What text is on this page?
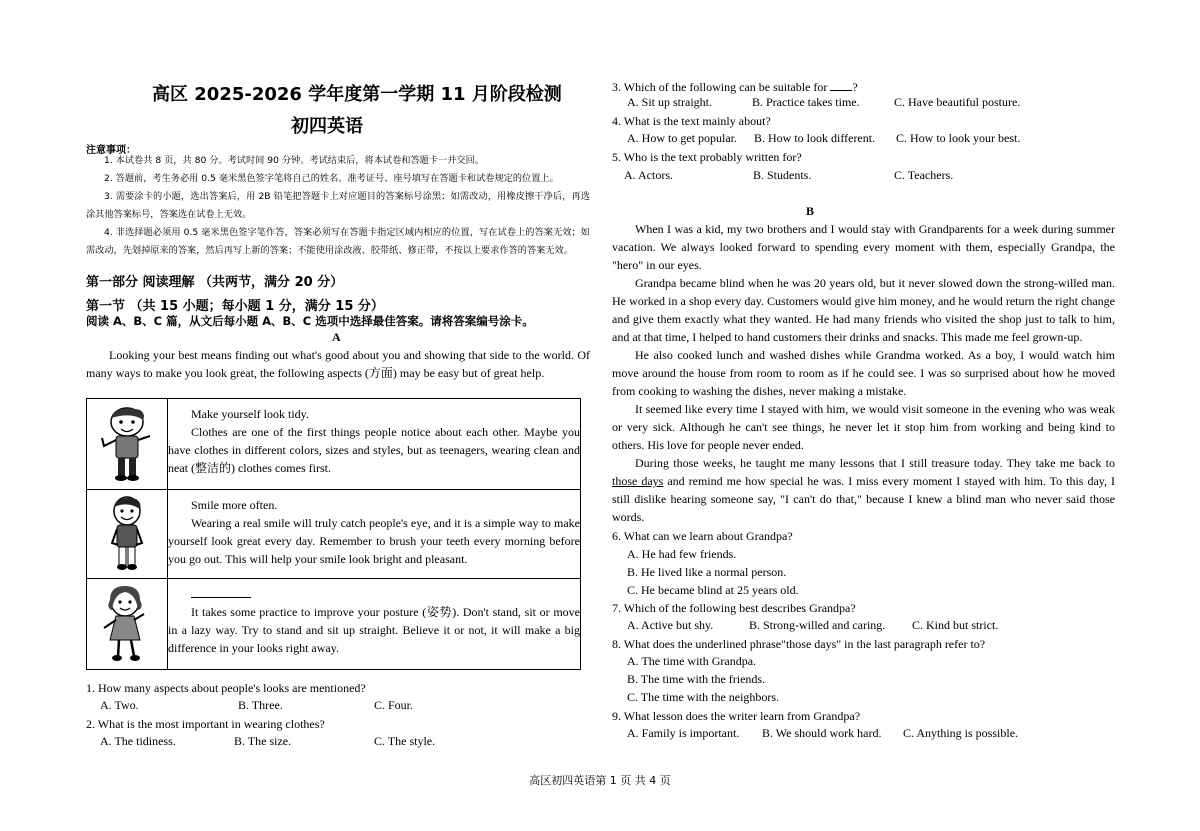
高区 2025-2026 学年度第一学期 11 月阶段检测
初四英语
注意事项：
1. 本试卷共 8 页，共 80 分。考试时间 90 分钟。考试结束后，将本试卷和答题卡一并交回。
2. 答题前，考生务必用 0.5 毫米黑色签字笔将自己的姓名、准考证号、座号填写在答题卡和试卷规定的位置上。
3. 需要涂卡的小题，选出答案后，用 2B 铅笔把答题卡上对应题目的答案标号涂黑；如需改动，用橡皮擦干净后，再选涂其他答案标号，答案选在试卷上无效。
4. 非选择题必须用 0.5 毫米黑色签字笔作答，答案必须写在答题卡指定区域内相应的位置，写在试卷上的答案无效；如需改动，先划掉原来的答案，然后再写上新的答案；不能使用涂改液、胶带纸、修正带，不按以上要求作答的答案无效。
第一部分 阅读理解 （共两节，满分 20 分）
第一节 （共 15 小题；每小题 1 分，满分 15 分）
阅读 A、B、C 篇，从文后每小题 A、B、C 选项中选择最佳答案。请将答案编号涂卡。
A
Looking your best means finding out what's good about you and showing that side to the world. Of many ways to make you look great, the following aspects (方面) may be easy but of great help.

Make yourself look tidy.
Clothes are one of the first things people notice about each other. Maybe you have clothes in different colors, sizes and styles, but as teenagers, wearing clean and neat (整洁的) clothes comes first.

Smile more often.
Wearing a real smile will truly catch people's eye, and it is a simple way to make yourself look great every day. Remember to brush your teeth every morning before you go out. This will help your smile look bright and pleasant.

It takes some practice to improve your posture (姿势). Don't stand, sit or move in a lazy way. Try to stand and sit up straight. Believe it or not, it will make a big difference in your looks right away.
1. How many aspects about people's looks are mentioned?
A. Two.	B. Three.	C. Four.
2. What is the most important in wearing clothes?
A. The tidiness.	B. The size.	C. The style.
3. Which of the following can be suitable for ?
A. Sit up straight.	B. Practice takes time.	C. Have beautiful posture.
4. What is the text mainly about?
A. How to get popular. B. How to look different. C. How to look your best.
5. Who is the text probably written for?
A. Actors.	B. Students.	C. Teachers.
B
When I was a kid, my two brothers and I would stay with Grandparents for a week during summer vacation. We always looked forward to spending every moment with them, especially Grandpa, the "hero" in our eyes.
Grandpa became blind when he was 20 years old, but it never slowed down the strong-willed man. He worked in a shop every day. Customers would give him money, and he would return the right change and give them exactly what they wanted. He had many friends who visited the shop just to talk to him, and at that time, I helped to hand customers their drinks and snacks. This made me feel grown-up.
He also cooked lunch and washed dishes while Grandma worked. As a boy, I would watch him move around the house from room to room as if he could see. I was so surprised about how he moved from cooking to washing the dishes, never making a mistake.
It seemed like every time I stayed with him, we would visit someone in the evening who was weak or very sick. Although he can't see things, he never let it stop him from working and being kind to others. His love for people never ended.
During those weeks, he taught me many lessons that I still treasure today. They take me back to those days and remind me how special he was. I miss every moment I stayed with him. To this day, I still dislike hearing someone say, "I can't do that," because I knew a blind man who never said those words.
6. What can we learn about Grandpa?
A. He had few friends.
B. He lived like a normal person.
C. He became blind at 25 years old.
7. Which of the following best describes Grandpa?
A. Active but shy.	B. Strong-willed and caring. C. Kind but strict.
8. What does the underlined phrase"those days" in the last paragraph refer to?
A. The time with Grandpa.
B. The time with the friends.
C. The time with the neighbors.
9. What lesson does the writer learn from Grandpa?
A. Family is important. B. We should work hard. C. Anything is possible.
高区初四英语第 1 页 共 4 页
